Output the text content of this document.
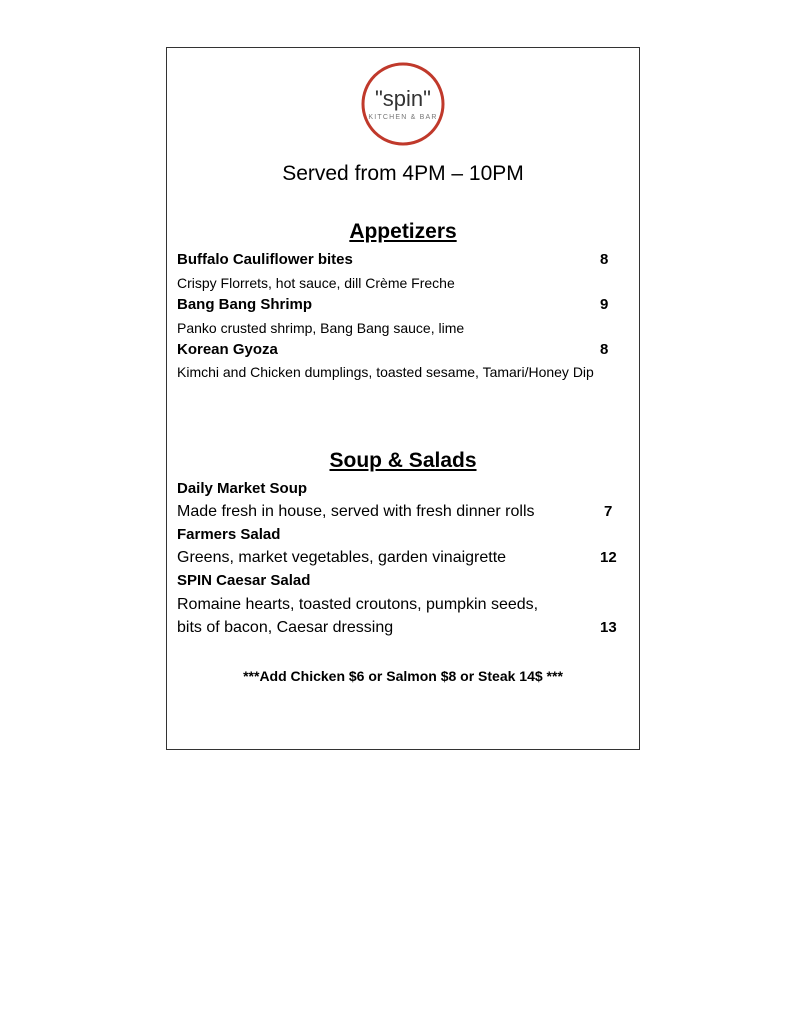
"spin"
KITCHEN & BAR
Served from 4PM – 10PM
Appetizers
Buffalo Cauliflower bites	8
Crispy Florrets, hot sauce, dill Crème Freche
Bang Bang Shrimp	9
Panko crusted shrimp, Bang Bang sauce, lime
Korean Gyoza	8
Kimchi and Chicken dumplings, toasted sesame, Tamari/Honey Dip
Soup & Salads
Daily Market Soup
Made fresh in house, served with fresh dinner rolls	7
Farmers Salad
Greens, market vegetables, garden vinaigrette	12
SPIN Caesar Salad
Romaine hearts, toasted croutons, pumpkin seeds,
bits of bacon, Caesar dressing	13
***Add Chicken $6 or Salmon $8 or Steak 14$ ***
